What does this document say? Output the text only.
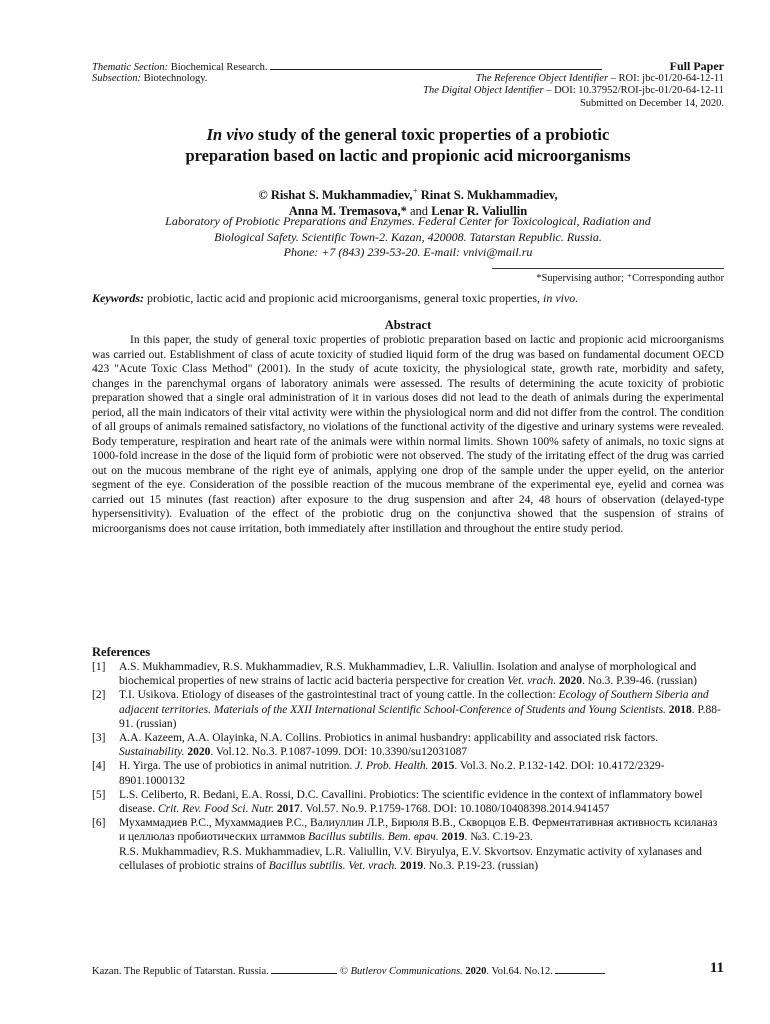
Thematic Section: Biochemical Research.	Full Paper
Subsection: Biotechnology.	The Reference Object Identifier – ROI: jbc-01/20-64-12-11
The Digital Object Identifier – DOI: 10.37952/ROI-jbc-01/20-64-12-11
Submitted on December 14, 2020.
In vivo study of the general toxic properties of a probiotic
preparation based on lactic and propionic acid microorganisms
© Rishat S. Mukhammadiev,+ Rinat S. Mukhammadiev,
Anna M. Tremasova,* and Lenar R. Valiullin
Laboratory of Probiotic Preparations and Enzymes. Federal Center for Toxicological, Radiation and
Biological Safety. Scientific Town-2. Kazan, 420008. Tatarstan Republic. Russia.
Phone: +7 (843) 239-53-20. E-mail: vnivi@mail.ru
*Supervising author; ⁺Corresponding author
Keywords: probiotic, lactic acid and propionic acid microorganisms, general toxic properties, in vivo.
Abstract

In this paper, the study of general toxic properties of probiotic preparation based on lactic and propionic acid microorganisms was carried out. Establishment of class of acute toxicity of studied liquid form of the drug was based on fundamental document OECD 423 "Acute Toxic Class Method" (2001). In the study of acute toxicity, the physiological state, growth rate, morbidity and safety, changes in the parenchymal organs of laboratory animals were assessed. The results of determining the acute toxicity of probiotic preparation showed that a single oral administration of it in various doses did not lead to the death of animals during the experimental period, all the main indicators of their vital activity were within the physiological norm and did not differ from the control. The condition of all groups of animals remained satisfactory, no violations of the functional activity of the digestive and urinary systems were revealed. Body temperature, respiration and heart rate of the animals were within normal limits. Shown 100% safety of animals, no toxic signs at 1000-fold increase in the dose of the liquid form of probiotic were not observed. The study of the irritating effect of the drug was carried out on the mucous membrane of the right eye of animals, applying one drop of the sample under the upper eyelid, on the anterior segment of the eye. Consideration of the possible reaction of the mucous membrane of the experimental eye, eyelid and cornea was carried out 15 minutes (fast reaction) after exposure to the drug suspension and after 24, 48 hours of observation (delayed-type hypersensitivity). Evaluation of the effect of the probiotic drug on the conjunctiva showed that the suspension of strains of microorganisms does not cause irritation, both immediately after instillation and throughout the entire study period.

References
[1] A.S. Mukhammadiev, R.S. Mukhammadiev, R.S. Mukhammadiev, L.R. Valiullin. Isolation and analyse of morphological and biochemical properties of new strains of lactic acid bacteria perspective for creation Vet. vrach. 2020. No.3. P.39-46. (russian)

[2] T.I. Usikova. Etiology of diseases of the gastrointestinal tract of young cattle. In the collection: Ecology of Southern Siberia and adjacent territories. Materials of the XXII International Scientific School-Conference of Students and Young Scientists. 2018. P.88-91. (russian)

[3] A.A. Kazeem, A.A. Olayinka, N.A. Collins. Probiotics in animal husbandry: applicability and associated risk factors. Sustainability. 2020. Vol.12. No.3. P.1087-1099. DOI: 10.3390/su12031087

[4] H. Yirga. The use of probiotics in animal nutrition. J. Prob. Health. 2015. Vol.3. No.2. P.132-142. DOI: 10.4172/2329-8901.1000132

[5] L.S. Celiberto, R. Bedani, E.A. Rossi, D.C. Cavallini. Probiotics: The scientific evidence in the context of inflammatory bowel disease. Crit. Rev. Food Sci. Nutr. 2017. Vol.57. No.9. P.1759-1768. DOI: 10.1080/10408398.2014.941457

[6] Мухаммадиев Р.С., Мухаммадиев Р.С., Валиуллин Л.Р., Бирюля В.В., Скворцов Е.В. Ферментативная активность ксиланаз и целлюлаз пробиотических штаммов Bacillus subtilis. Вет. врач. 2019. №3. С.19-23.

R.S. Mukhammadiev, R.S. Mukhammadiev, L.R. Valiullin, V.V. Biryulya, E.V. Skvortsov. Enzymatic activity of xylanases and cellulases of probiotic strains of Bacillus subtilis. Vet. vrach. 2019. No.3. P.19-23. (russian)

Kazan. The Republic of Tatarstan. Russia.	© Butlerov Communications. 2020. Vol.64. No.12.	11
